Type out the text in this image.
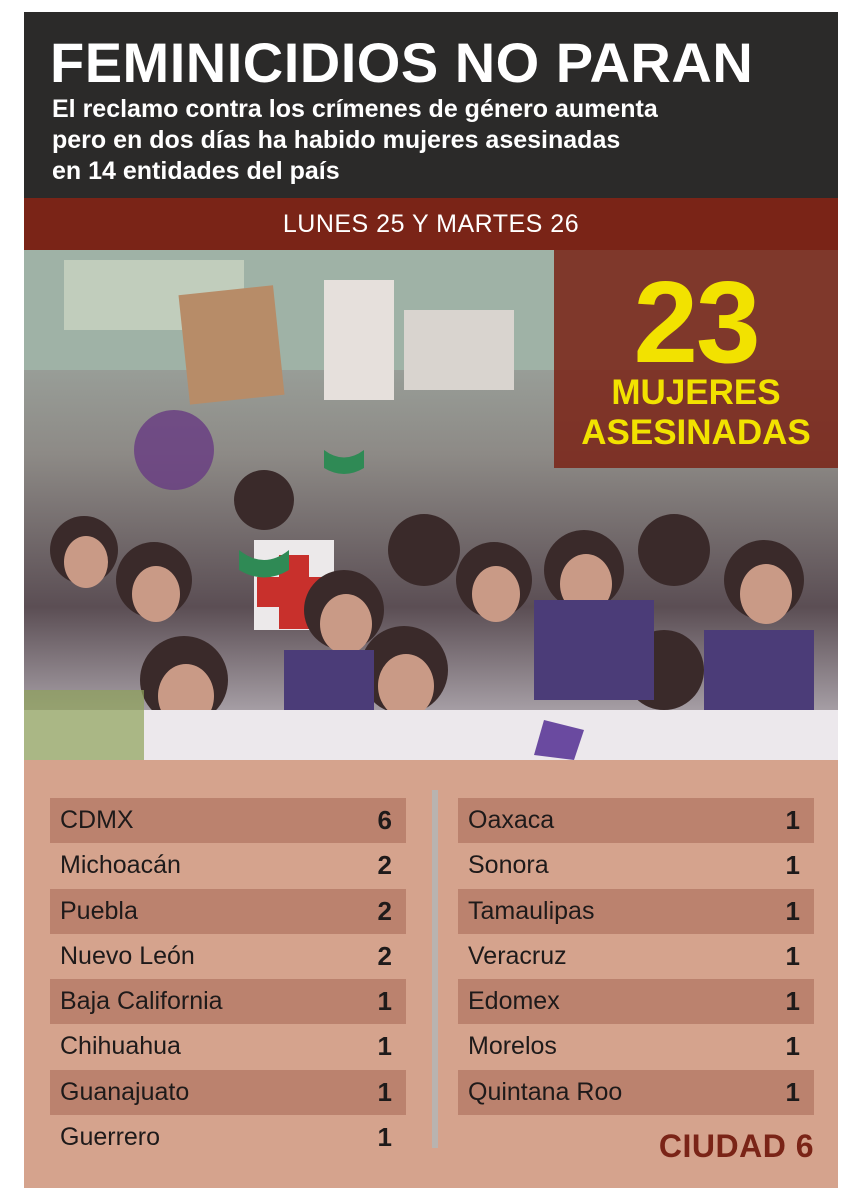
FEMINICIDIOS NO PARAN
El reclamo contra los crímenes de género aumenta
pero en dos días ha habido mujeres asesinadas
en 14 entidades del país
LUNES 25 Y MARTES 26
23
MUJERES
ASESINADAS
CDMX	6
Michoacán	2
Puebla	2
Nuevo León	2
Baja California	1
Chihuahua	1
Guanajuato	1
Guerrero	1
Oaxaca	1
Sonora	1
Tamaulipas	1
Veracruz	1
Edomex	1
Morelos	1
Quintana Roo	1
CIUDAD 6
